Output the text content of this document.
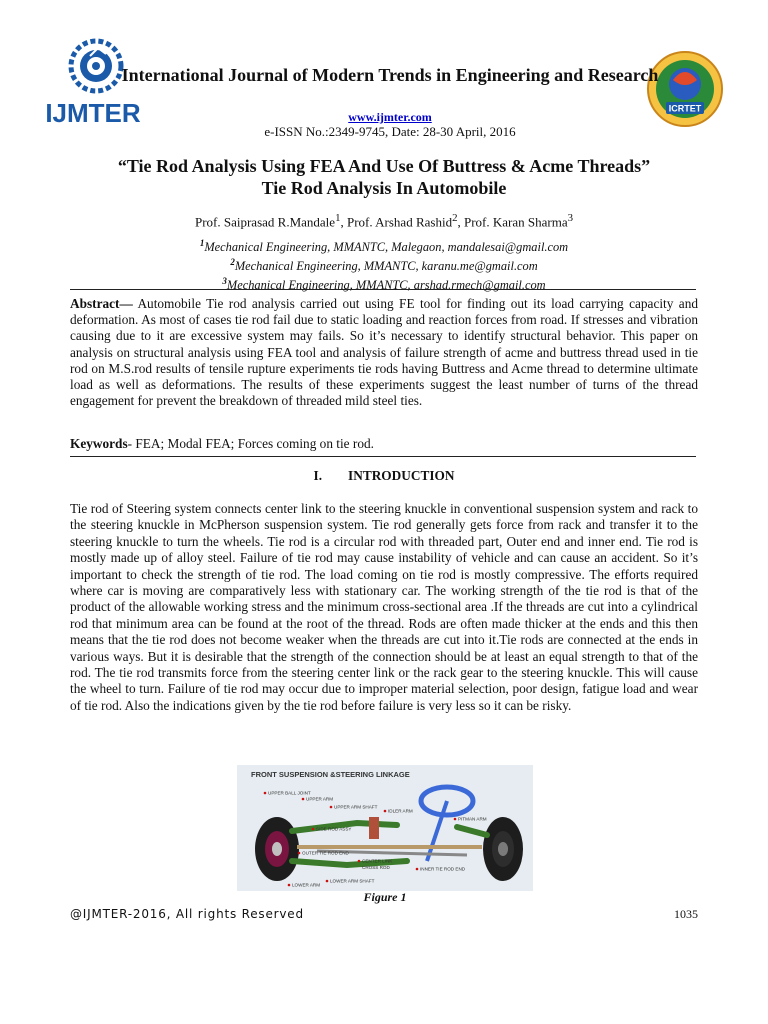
IJMTER	ICRTET
International Journal of Modern Trends in Engineering and Research
www.ijmter.com
e-ISSN No.:2349-9745, Date: 28-30 April, 2016
“Tie Rod Analysis Using FEA And Use Of Buttress & Acme Threads”
Tie Rod Analysis In Automobile
Prof. Saiprasad R.Mandale$^1$, Prof. Arshad Rashid$^2$, Prof. Karan Sharma$^3$
$^1$Mechanical Engineering, MMANTC, Malegaon, mandalesai@gmail.com
$^2$Mechanical Engineering, MMANTC, karanu.me@gmail.com
$^3$Mechanical Engineering, MMANTC, arshad.rmech@gmail.com
Abstract— Automobile Tie rod analysis carried out using FE tool for finding out its load carrying capacity and deformation. As most of cases tie rod fail due to static loading and reaction forces from road. If stresses and vibration causing due to it are excessive system may fails. So it’s necessary to identify structural behavior. This paper on analysis on structural analysis using FEA tool and analysis of failure strength of acme and buttress thread used in tie rod on M.S.rod results of tensile rupture experiments tie rods having Buttress and Acme thread to determine ultimate load as well as deformations. The results of these experiments suggest the least number of turns of the thread engagement for prevent the breakdown of threaded mild steel ties.
Keywords- FEA; Modal FEA; Forces coming on tie rod.
I. INTRODUCTION
Tie rod of Steering system connects center link to the steering knuckle in conventional suspension system and rack to the steering knuckle in McPherson suspension system. Tie rod generally gets force from rack and transfer it to the steering knuckle to turn the wheels. Tie rod is a circular rod with threaded part, Outer end and inner end. Tie rod is mostly made up of alloy steel. Failure of tie rod may cause instability of vehicle and can cause an accident. So it’s important to check the strength of tie rod. The load coming on tie rod is mostly compressive. The efforts required where car is moving are comparatively less with stationary car. The working strength of the tie rod is that of the product of the allowable working stress and the minimum cross-sectional area .If the threads are cut into a cylindrical rod that minimum area can be found at the root of the thread. Rods are often made thicker at the ends and this then means that the tie rod does not become weaker when the threads are cut into it.Tie rods are connected at the ends in various ways. But it is desirable that the strength of the connection should be at least an equal strength to that of the rod. The tie rod transmits force from the steering center link or the rack gear to the steering knuckle. This will cause the wheel to turn. Failure of tie rod may occur due to improper material selection, poor design, fatigue load and wear of tie rod. Also the indications given by the tie rod before failure is very less so it can be risky.
FRONT SUSPENSION &STEERING LINKAGE
UPPER BALL JOINT
UPPER ARM
UPPER ARM SHAFT
IDLER ARM
PITMAN ARM
SIDE ROD ASSY
OUTER TIE ROD END
CENTER LINK
CROSS ROD	INNER TIE ROD END
LOWER ARM
LOWER ARM SHAFT
Figure 1
@IJMTER-2016, All rights Reserved	1035
